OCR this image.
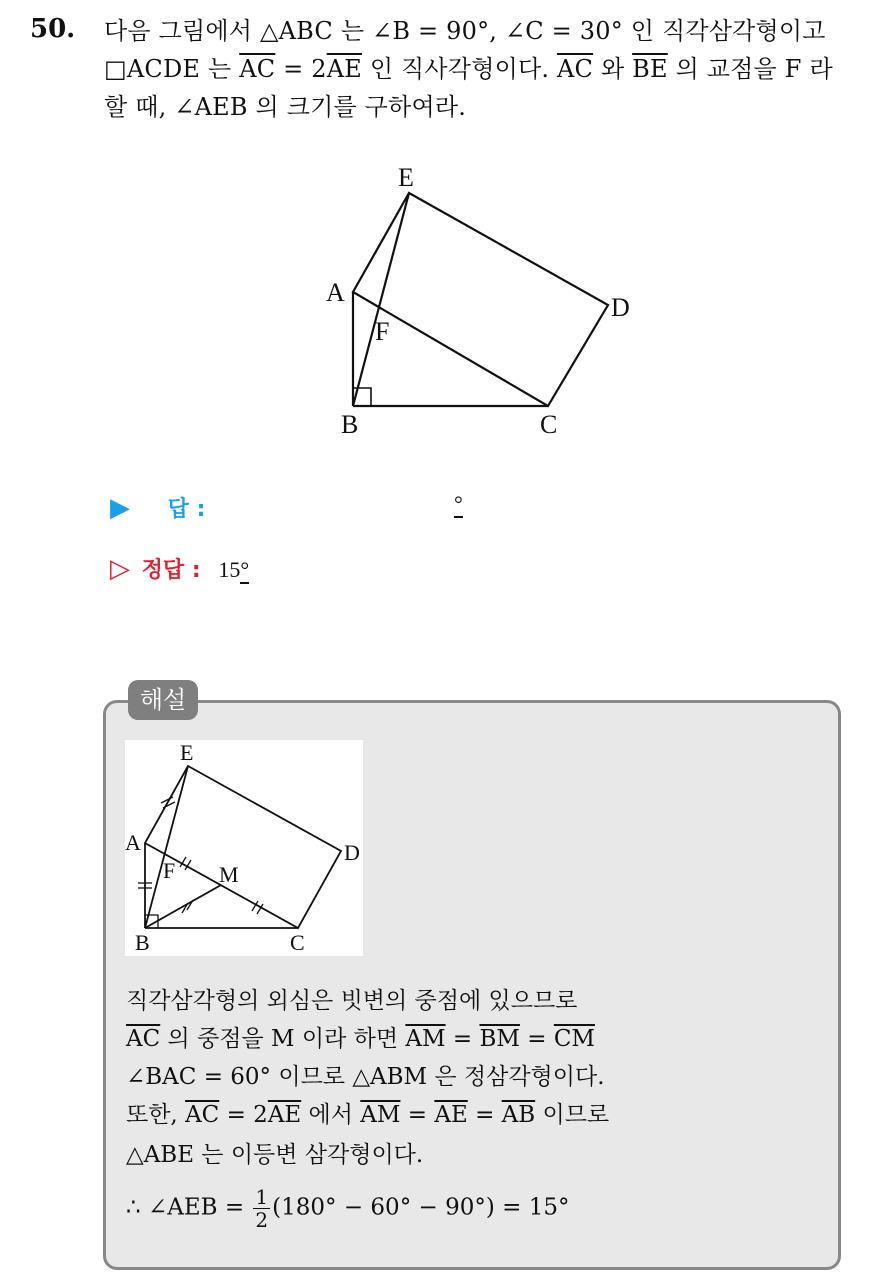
50. 다음 그림에서 △ABC 는 ∠B = 90°, ∠C = 30° 인 직각삼각형이고
□ACDE 는 $\overline{AC} = 2\overline{AE}$ 인 직사각형이다. $\overline{AC}$ 와 $\overline{BE}$ 의 교점을 F 라
할 때, ∠AEB 의 크기를 구하여라.
E
A
F
D
B	C
▶ 답 :	°
▷ 정답 : 15°
해설
E
A
F M
D
B	C
직각삼각형의 외심은 빗변의 중점에 있으므로
$\overline{AC}$ 의 중점을 M 이라 하면 $\overline{AM} = \overline{BM} = \overline{CM}$
∠BAC = 60° 이므로 △ABM 은 정삼각형이다.
또한, $\overline{AC} = 2\overline{AE}$ 에서 $\overline{AM} = \overline{AE} = \overline{AB}$ 이므로
△ABE 는 이등변 삼각형이다.
∴ ∠AEB = $\frac{1}{2} (180^\circ - 60^\circ - 90^\circ) = 15^\circ$
